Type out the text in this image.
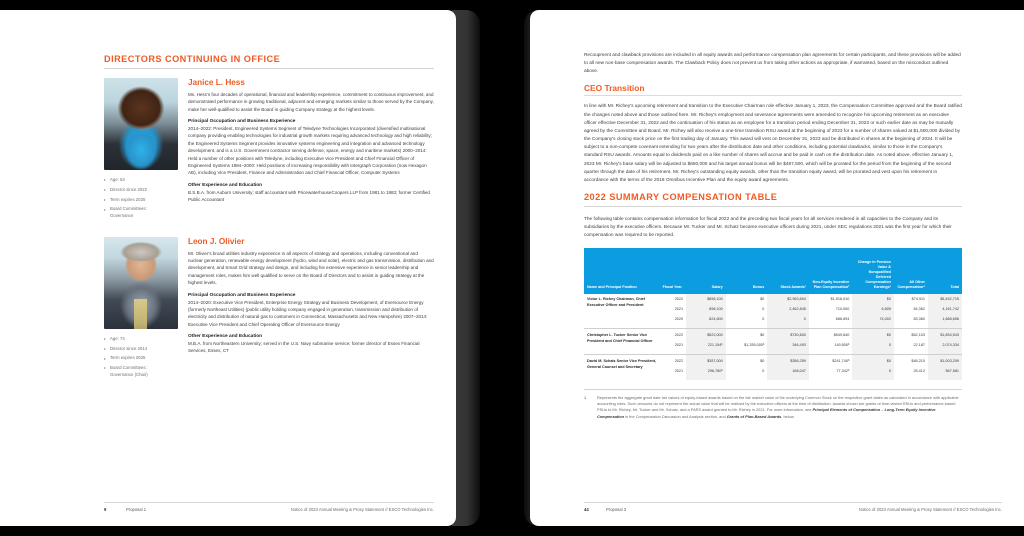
DIRECTORS CONTINUING IN OFFICE
Age: 63
Director since 2022
Term expires 2025
Board Committees:
Governance
Janice L. Hess

Ms. Hess's four decades of operational, financial and leadership experience, commitment to continuous improvement, and demonstrated performance in growing traditional, adjacent and emerging markets similar to those served by the Company, make her well-qualified to assist the Board in guiding Company strategy at the highest levels.

Principal Occupation and Business Experience

2014–2022: President, Engineered Systems Segment of Teledyne Technologies Incorporated (diversified multinational company providing enabling technologies for industrial growth markets requiring advanced technology and high reliability; the Engineered Systems Segment provides innovative systems engineering and integration and advanced technology development, and is a U.S. Government contractor serving defense, space, energy and maritime markets) 2000–2014: Held a number of other positions with Teledyne, including Executive Vice President and Chief Financial Officer of Engineered Systems 1984–2000: Held positions of increasing responsibility with Intergraph Corporation (now Hexagon AB), including Vice President, Finance and Administration and Chief Financial Officer, Computer Systems

Other Experience and Education

B.S.B.A. from Auburn University; staff accountant with PricewaterhouseCoopers LLP from 1981 to 1983; former Certified Public Accountant

Age: 74
Director since 2014
Term expires 2025
Board Committees:
Governance (Chair)
Leon J. Olivier

Mr. Olivier's broad utilities industry experience in all aspects of strategy and operations, including conventional and nuclear generation, renewable energy development (hydro, wind and solar), electric and gas transmission, distribution and development, and Smart Grid strategy and design, and including his extensive experience in senior leadership and management roles, makes him well qualified to serve on the Board of Directors and to assist in guiding strategy at the highest levels.

Principal Occupation and Business Experience

2014–2020: Executive Vice President, Enterprise Energy Strategy and Business Development, of Eversource Energy (formerly Northeast Utilities) (public utility holding company engaged in generation, transmission and distribution of electricity and distribution of natural gas to customers in Connecticut, Massachusetts and New Hampshire) 2007–2014: Executive Vice President and Chief Operating Officer of Eversource Energy

Other Experience and Education

M.B.A. from Northeastern University; served in the U.S. Navy submarine service; former director of Essex Financial Services, Essex, CT

9	Proposal 1	Notice of 2023 Annual Meeting & Proxy Statement // ESCO Technologies Inc.

Recoupment and clawback provisions are included in all equity awards and performance compensation plan agreements for certain participants, and these provisions will be added to all new non-base compensation awards. The Clawback Policy does not prevent us from taking other actions as appropriate, if warranted, based on the misconduct outlined above.

CEO Transition

In line with Mr. Richey's upcoming retirement and transition to the Executive Chairman role effective January 1, 2023, the Compensation Committee approved and the Board ratified the changes noted above and those outlined here. Mr. Richey's employment and severance agreements were amended to recognize his upcoming retirement as an executive officer effective December 31, 2022 and the continuation of his status as an employee for a transition period ending December 31, 2023 or such earlier date as may be mutually agreed by the Committee and Board. Mr. Richey will also receive a one-time transition RSU award at the beginning of 2023 for a number of shares valued at $1,500,000 divided by the Company's closing stock price on the first trading day of January. This award will vest on December 31, 2023 and be distributed in shares at the beginning of 2024. It will be subject to a non-compete covenant extending for two years after the distribution date and other conditions, including potential clawbacks, similar to those in the Company's standard RSU awards. Amounts equal to dividends paid on a like number of shares will accrue and be paid in cash on the distribution date. As noted above, effective January 1, 2023 Mr. Richey's base salary will be adjusted to $650,000 and his target annual bonus will be $487,500, which will be prorated for the period from the beginning of the second quarter through the date of his retirement. Mr. Richey's outstanding equity awards, other than the transition equity award, will be prorated and vest upon his retirement in accordance with the terms of the 2018 Omnibus Incentive Plan and the equity award agreements.

2022 SUMMARY COMPENSATION TABLE

The following table contains compensation information for fiscal 2022 and the preceding two fiscal years for all services rendered in all capacities to the Company and its subsidiaries by the executive officers. Because Mr. Tucker and Mr. Schatz became executive officers during 2021, under SEC regulations 2021 was the first year for which their compensation was required to be reported.

Name and Principal Position	Fiscal Year	Salary	Bonus	Stock Awards¹	Non-Equity Incentive Plan Compensation²	Change in Pension Value & Nonqualified Deferred Compensation Earnings³	All Other Compensation⁴	Total
Victor L. Richey Chairman, Chief Executive Officer and President	2022	$898,100	$0	$2,963,694	$1,516,010	$0	$74,911	$5,452,715
	2021	898,100	0	2,462,845	710,000	6,805	84,362	4,161,742
	2020	824,600	0	0	686,694	74,002	83,360	1,668,656
Christopher L. Tucker Senior Vice President and Chief Financial Officer	2022	$522,000	$0	$730,600	$549,840	$0	$52,103	$1,854,543
	2021	221,154ᵇ	$1,335,000ᵇ	346,493	149,500ᵇ	0	22,187	2,074,334
David M. Schatz Senior Vice President, General Counsel and Secretary	2022	$357,000	$0	$356,259	$241,740ᵇ	$0	$48,210	$1,003,209
	2021	296,780ᵇ	0	168,047	77,342ᵇ	0	25,412	567,581
1	Represents the aggregate grant date fair values of equity-based awards based on the fair market value of the underlying Common Stock on the respective grant dates as calculated in accordance with applicable accounting rules. Such amounts do not represent the actual value that will be realized by the executive officers at the time of distribution. Awards shown are grants of time-vested RSUs and performance-based PSUs to Mr. Richey, Mr. Tucker and Mr. Schatz, and a PARS award granted to Mr. Richey in 2021. For more information, see Principal Elements of Compensation – Long-Term Equity Incentive Compensation in the Compensation Discussion and Analysis section, and Grants of Plan-Based Awards, below.
44	Proposal 3	Notice of 2023 Annual Meeting & Proxy Statement // ESCO Technologies Inc.
